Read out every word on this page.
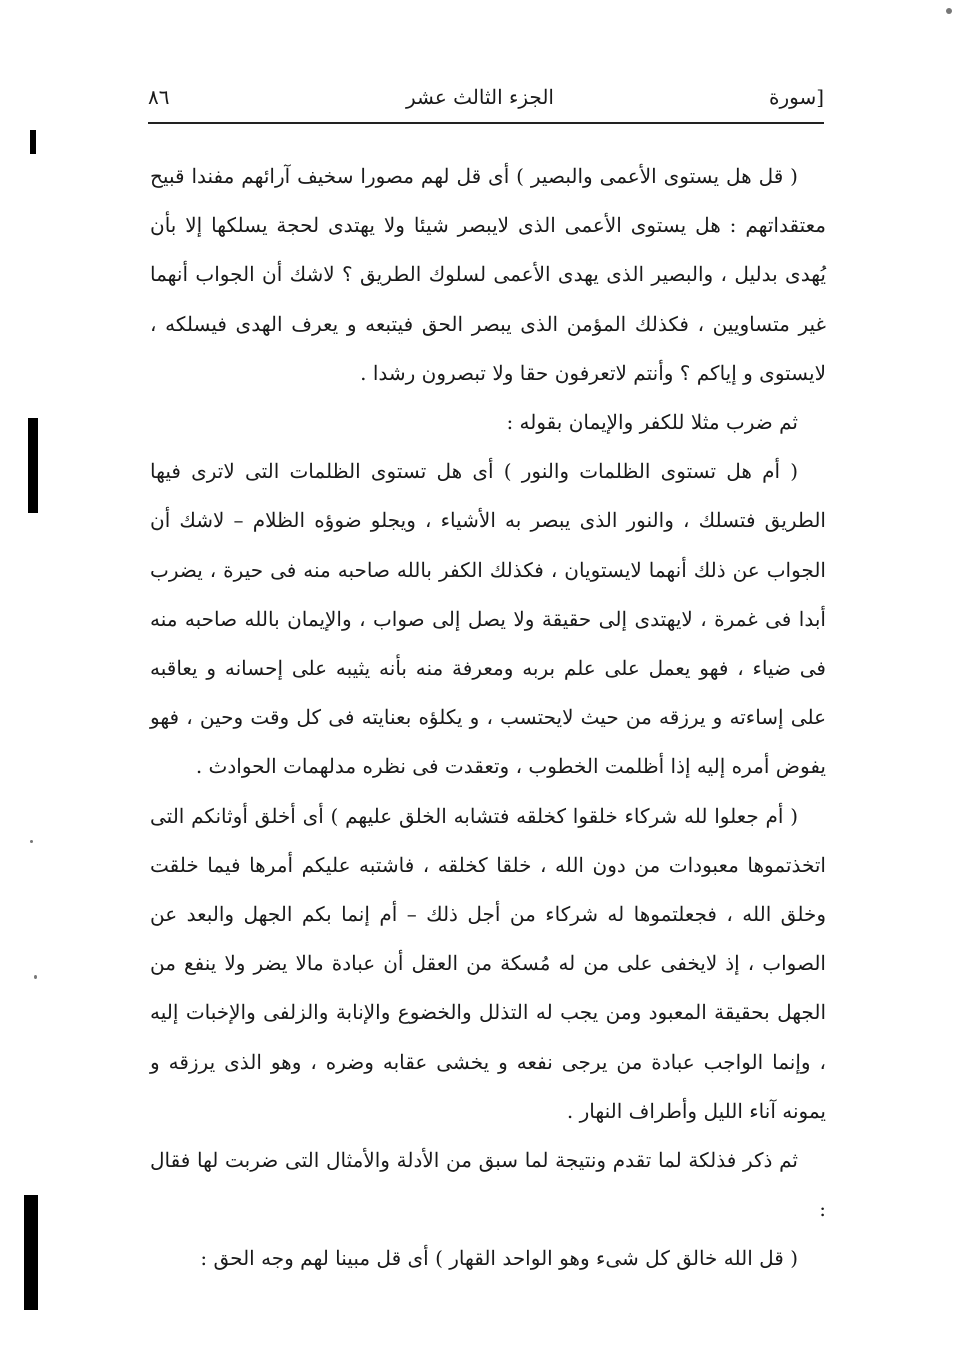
[سورة
الجزء الثالث عشر
٨٦

( قل هل يستوى الأعمى والبصير ) أى قل لهم مصورا سخيف آرائهم مفندا قبيح معتقداتهم : هل يستوى الأعمى الذى لايبصر شيئا ولا يهتدى لحجة يسلكها إلا بأن يُهدى بدليل ، والبصير الذى يهدى الأعمى لسلوك الطريق ؟ لاشك أن الجواب أنهما غير متساويين ، فكذلك المؤمن الذى يبصر الحق فيتبعه و يعرف الهدى فيسلكه ، لايستوى و إياكم ؟ وأنتم لاتعرفون حقا ولا تبصرون رشدا .

ثم ضرب مثلا للكفر والإيمان بقوله :

( أم هل تستوى الظلمات والنور ) أى هل تستوى الظلمات التى لاترى فيها الطريق فتسلك ، والنور الذى يبصر به الأشياء ، ويجلو ضوؤه الظلام – لاشك أن الجواب عن ذلك أنهما لايستويان ، فكذلك الكفر بالله صاحبه منه فى حيرة ، يضرب أبدا فى غمرة ، لايهتدى إلى حقيقة ولا يصل إلى صواب ، والإيمان بالله صاحبه منه فى ضياء ، فهو يعمل على علم بربه ومعرفة منه بأنه يثيبه على إحسانه و يعاقبه على إساءته و يرزقه من حيث لايحتسب ، و يكلؤه بعنايته فى كل وقت وحين ، فهو يفوض أمره إليه إذا أظلمت الخطوب ، وتعقدت فى نظره مدلهمات الحوادث .

( أم جعلوا لله شركاء خلقوا كخلقه فتشابه الخلق عليهم ) أى أخلق أوثانكم التى اتخذتموها معبودات من دون الله ، خلقا كخلقه ، فاشتبه عليكم أمرها فيما خلقت وخلق الله ، فجعلتموها له شركاء من أجل ذلك – أم إنما بكم الجهل والبعد عن الصواب ، إذ لايخفى على من له مُسكة من العقل أن عبادة مالا يضر ولا ينفع من الجهل بحقيقة المعبود ومن يجب له التذلل والخضوع والإنابة والزلفى والإخبات إليه ، وإنما الواجب عبادة من يرجى نفعه و يخشى عقابه وضره ، وهو الذى يرزقه و يمونه آناء الليل وأطراف النهار .

ثم ذكر فذلكة لما تقدم ونتيجة لما سبق من الأدلة والأمثال التى ضربت لها فقال :

( قل الله خالق كل شىء وهو الواحد القهار ) أى قل مبينا لهم وجه الحق :
